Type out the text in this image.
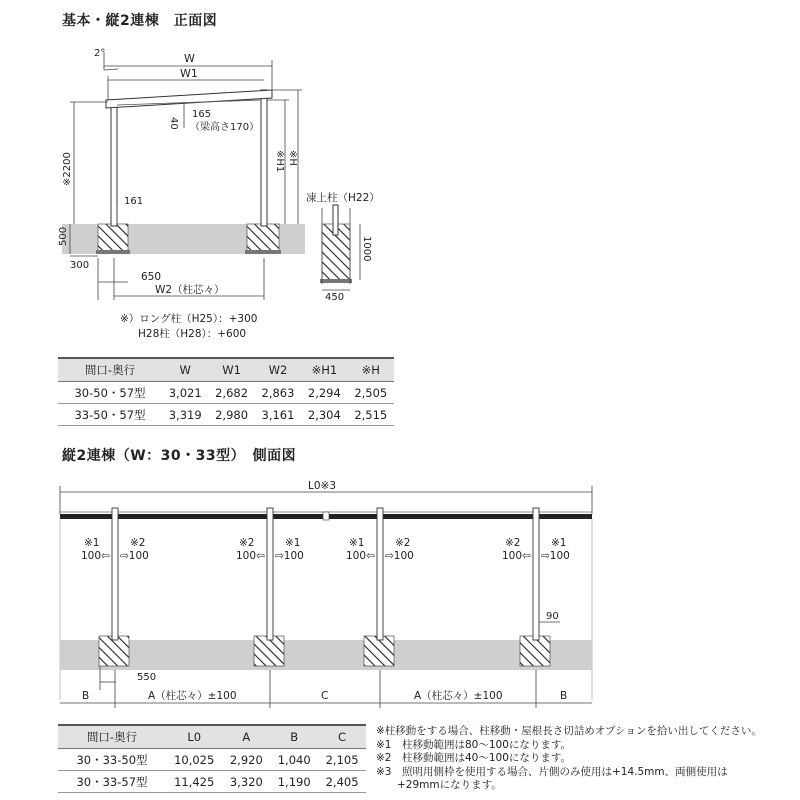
基本・縦2連棟　正面図
2°	W
W1
165
（梁高さ170）
40
※2200	※H1 ※H
161	凍上柱（H22）
500	1000
300
650
W2（柱芯々）
450
※）ロング柱（H25）：+300
H28柱（H28）：+600
間口-奥行	W	W1	W2	※H1	※H
30-50・57型	3,021	2,682	2,863	2,294	2,505
33-50・57型	3,319	2,980	3,161	2,304	2,515
縦2連棟（W：30・33型）　側面図
L0※3
※1
100⇦
※2
⇨100
※2
100⇦
※1
⇨100
※1
100⇦
※2
⇨100
※2
100⇦
※1
⇨100
90
550
B	A（柱芯々）±100	C	A（柱芯々）±100	B
間口-奥行	L0	A	B	C
30・33-50型	10,025	2,920	1,040	2,105
30・33-57型	11,425	3,320	1,190	2,405
※柱移動をする場合、柱移動・屋根長さ切詰めオプションを拾い出してください。
※1　柱移動範囲は80～100になります。
※2　柱移動範囲は40～100になります。
※3　照明用側枠を使用する場合、片側のみ使用は+14.5mm、両側使用は
　　+29mmになります。
